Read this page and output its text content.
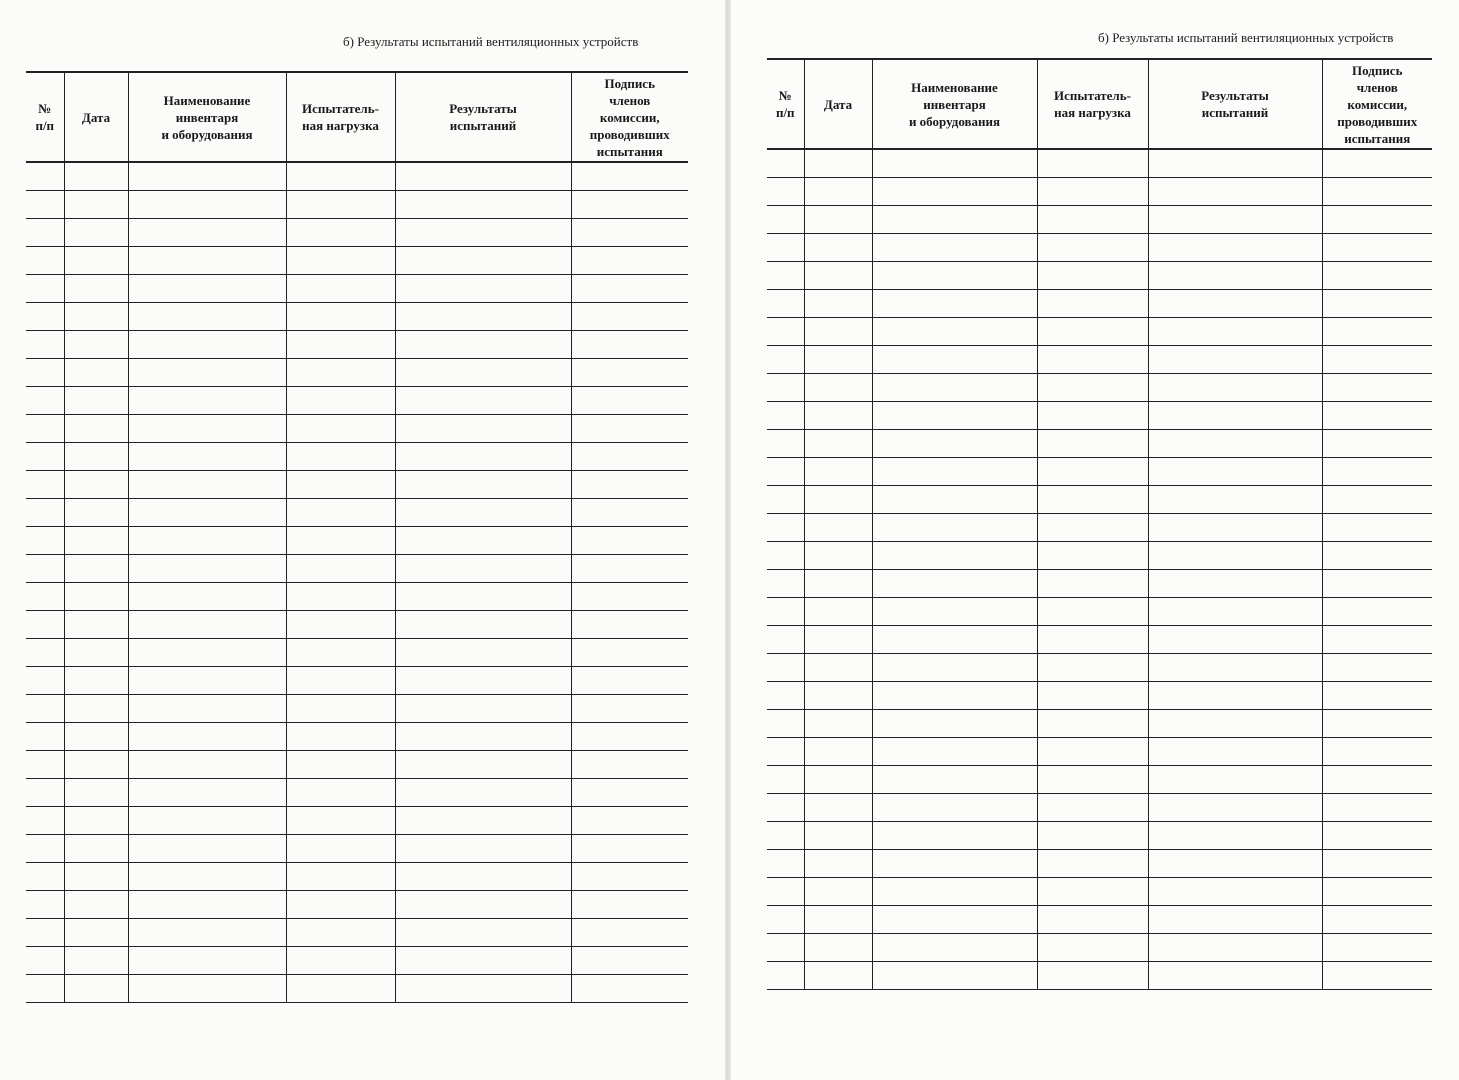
б) Результаты испытаний вентиляционных устройств
№
п/п	Дата	Наименование
инвентаря
и оборудования	Испытатель-
ная нагрузка	Результаты
испытаний	Подпись
членов
комиссии,
проводивших
испытания

б) Результаты испытаний вентиляционных устройств
№
п/п	Дата	Наименование
инвентаря
и оборудования	Испытатель-
ная нагрузка	Результаты
испытаний	Подпись
членов
комиссии,
проводивших
испытания
